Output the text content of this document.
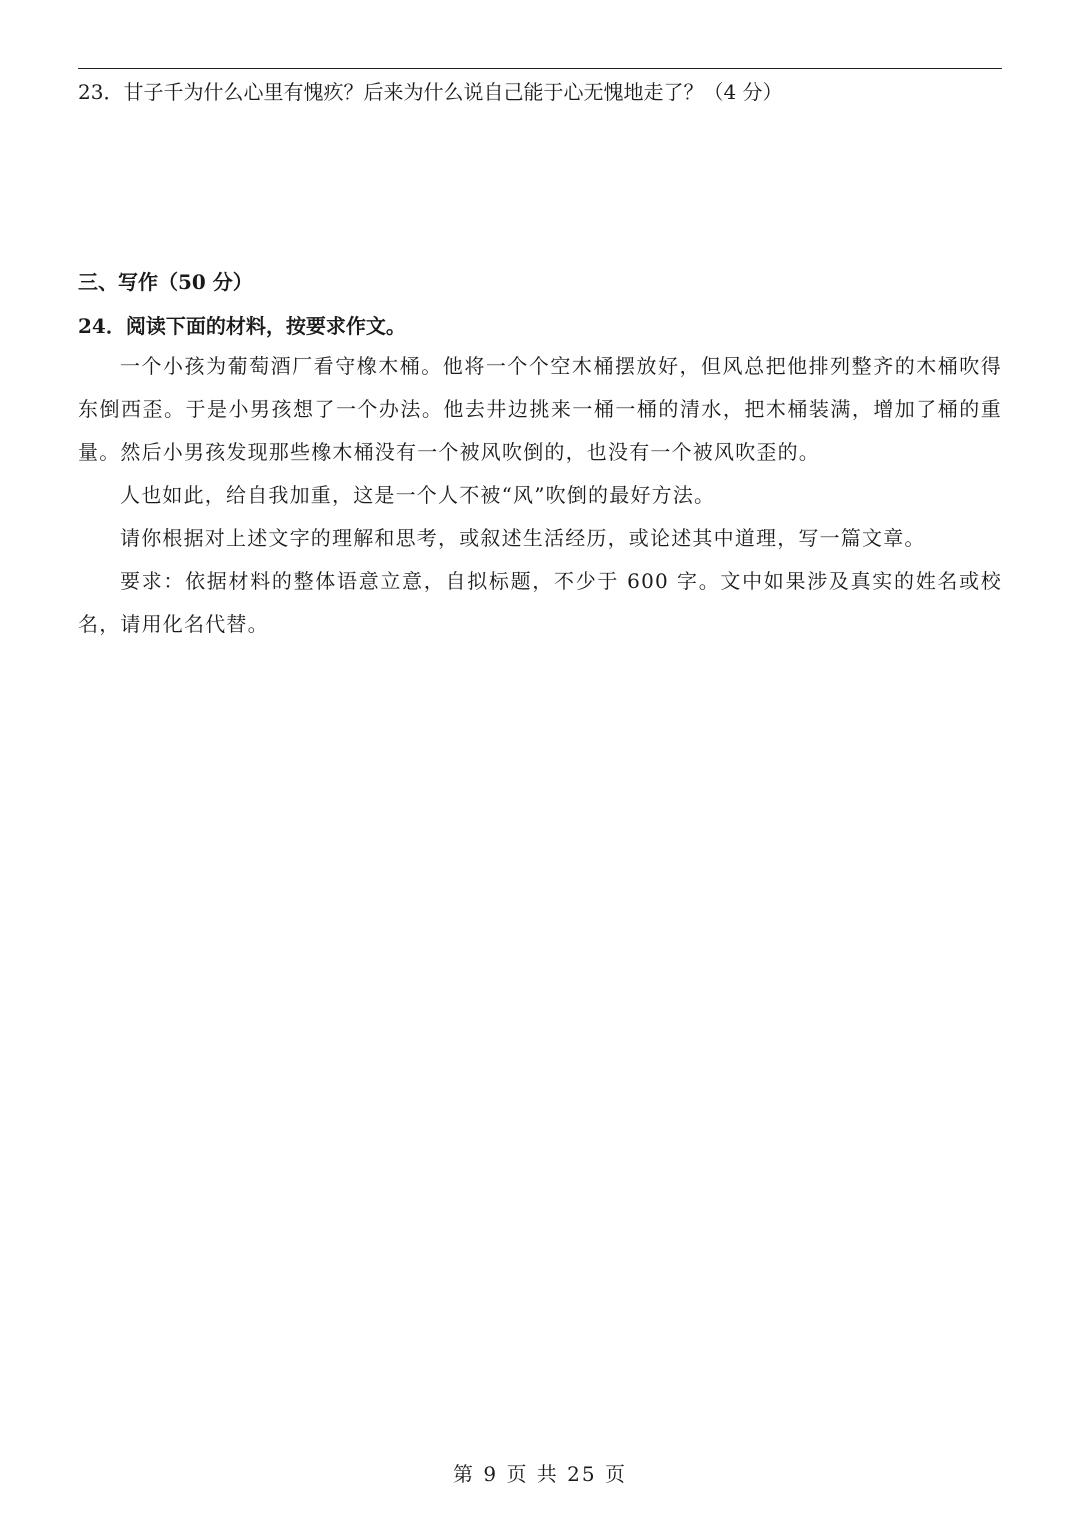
23．甘子千为什么心里有愧疚？后来为什么说自己能于心无愧地走了？（4 分）
三、写作（50 分）
24．阅读下面的材料，按要求作文。
一个小孩为葡萄酒厂看守橡木桶。他将一个个空木桶摆放好，但风总把他排列整齐的木桶吹得东倒西歪。于是小男孩想了一个办法。他去井边挑来一桶一桶的清水，把木桶装满，增加了桶的重量。然后小男孩发现那些橡木桶没有一个被风吹倒的，也没有一个被风吹歪的。
人也如此，给自我加重，这是一个人不被“风”吹倒的最好方法。
请你根据对上述文字的理解和思考，或叙述生活经历，或论述其中道理，写一篇文章。
要求：依据材料的整体语意立意，自拟标题，不少于 600 字。文中如果涉及真实的姓名或校名，请用化名代替。
第 9 页 共 25 页
